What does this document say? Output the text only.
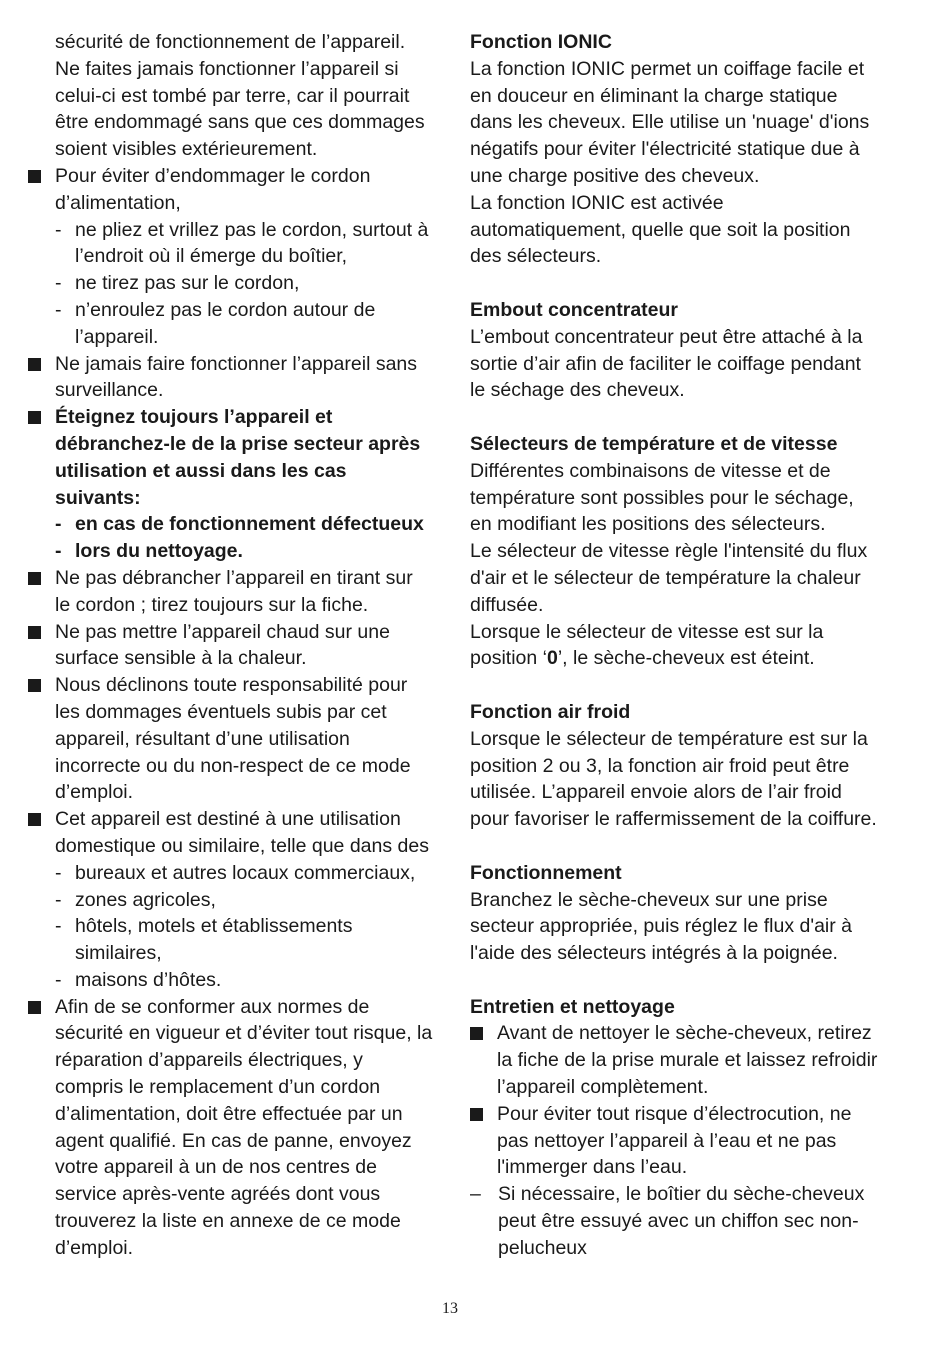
sécurité de fonctionnement de l’appareil. Ne faites jamais fonctionner l’appareil si celui-ci est tombé par terre, car il pourrait être endommagé sans que ces dommages soient visibles extérieurement.

Pour éviter d’endommager le cordon d’alimentation,
- ne pliez et vrillez pas le cordon, surtout à l’endroit où il émerge du boîtier,
- ne tirez pas sur le cordon,
- n’enroulez pas le cordon autour de l’appareil.
Ne jamais faire fonctionner l’appareil sans surveillance.
Éteignez toujours l’appareil et débranchez-le de la prise secteur après utilisation et aussi dans les cas suivants:
- en cas de fonctionnement défectueux
- lors du nettoyage.
Ne pas débrancher l’appareil en tirant sur le cordon ; tirez toujours sur la fiche.
Ne pas mettre l’appareil chaud sur une surface sensible à la chaleur.
Nous déclinons toute responsabilité pour les dommages éventuels subis par cet appareil, résultant d’une utilisation incorrecte ou du non-respect de ce mode d’emploi.
Cet appareil est destiné à une utilisation domestique ou similaire, telle que dans des
- bureaux et autres locaux commerciaux,
- zones agricoles,
- hôtels, motels et établissements similaires,
- maisons d’hôtes.
Afin de se conformer aux normes de sécurité en vigueur et d’éviter tout risque, la réparation d’appareils électriques, y compris le remplacement d’un cordon d’alimentation, doit être effectuée par un agent qualifié. En cas de panne, envoyez votre appareil à un de nos centres de service après-vente agréés dont vous trouverez la liste en annexe de ce mode d’emploi.
Fonction IONIC

La fonction IONIC permet un coiffage facile et en douceur en éliminant la charge statique dans les cheveux. Elle utilise un 'nuage' d'ions négatifs pour éviter l'électricité statique due à une charge positive des cheveux.

La fonction IONIC est activée automatiquement, quelle que soit la position des sélecteurs.

Embout concentrateur

L’embout concentrateur peut être attaché à la sortie d’air afin de faciliter le coiffage pendant le séchage des cheveux.

Sélecteurs de température et de vitesse

Différentes combinaisons de vitesse et de température sont possibles pour le séchage, en modifiant les positions des sélecteurs.

Le sélecteur de vitesse règle l'intensité du flux d'air et le sélecteur de température la chaleur diffusée.

Lorsque le sélecteur de vitesse est sur la position ‘0’, le sèche-cheveux est éteint.

Fonction air froid

Lorsque le sélecteur de température est sur la position 2 ou 3, la fonction air froid peut être utilisée. L’appareil envoie alors de l’air froid pour favoriser le raffermissement de la coiffure.

Fonctionnement

Branchez le sèche-cheveux sur une prise secteur appropriée, puis réglez le flux d'air à l'aide des sélecteurs intégrés à la poignée.

Entretien et nettoyage
Avant de nettoyer le sèche-cheveux, retirez la fiche de la prise murale et laissez refroidir l’appareil complètement.
Pour éviter tout risque d’électrocution, ne pas nettoyer l’appareil à l’eau et ne pas l'immerger dans l’eau.
– Si nécessaire, le boîtier du sèche-cheveux peut être essuyé avec un chiffon sec non-pelucheux
13
